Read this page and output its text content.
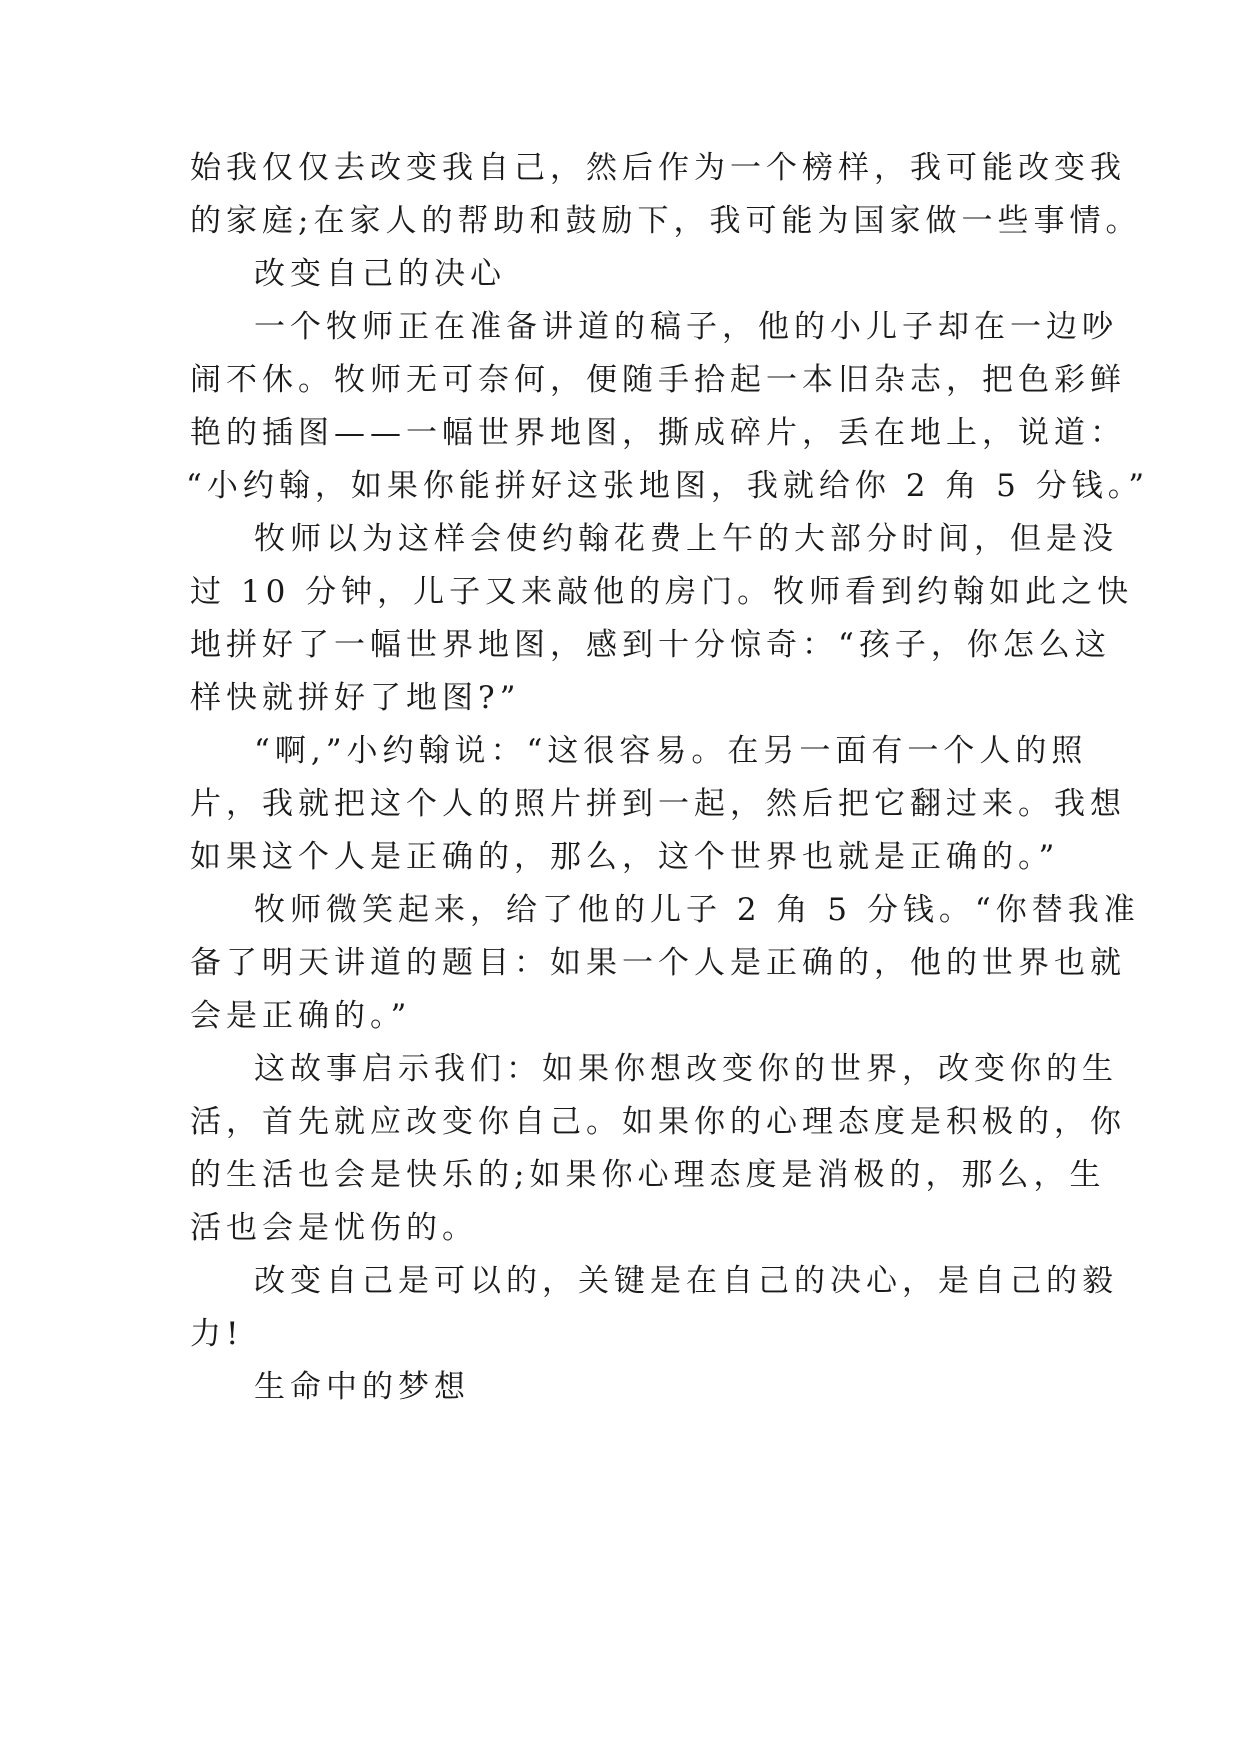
始我仅仅去改变我自己，然后作为一个榜样，我可能改变我
的家庭;在家人的帮助和鼓励下，我可能为国家做一些事情。
改变自己的决心
一个牧师正在准备讲道的稿子，他的小儿子却在一边吵
闹不休。牧师无可奈何，便随手拾起一本旧杂志，把色彩鲜
艳的插图——一幅世界地图，撕成碎片，丢在地上，说道：
“小约翰，如果你能拼好这张地图，我就给你 2 角 5 分钱。”
牧师以为这样会使约翰花费上午的大部分时间，但是没
过 10 分钟，儿子又来敲他的房门。牧师看到约翰如此之快
地拼好了一幅世界地图，感到十分惊奇：“孩子，你怎么这
样快就拼好了地图?”
“啊,”小约翰说：“这很容易。在另一面有一个人的照
片，我就把这个人的照片拼到一起，然后把它翻过来。我想
如果这个人是正确的，那么，这个世界也就是正确的。”
牧师微笑起来，给了他的儿子 2 角 5 分钱。“你替我准
备了明天讲道的题目：如果一个人是正确的，他的世界也就
会是正确的。”
这故事启示我们：如果你想改变你的世界，改变你的生
活，首先就应改变你自己。如果你的心理态度是积极的，你
的生活也会是快乐的;如果你心理态度是消极的，那么，生
活也会是忧伤的。
改变自己是可以的，关键是在自己的决心，是自己的毅
力!
生命中的梦想
